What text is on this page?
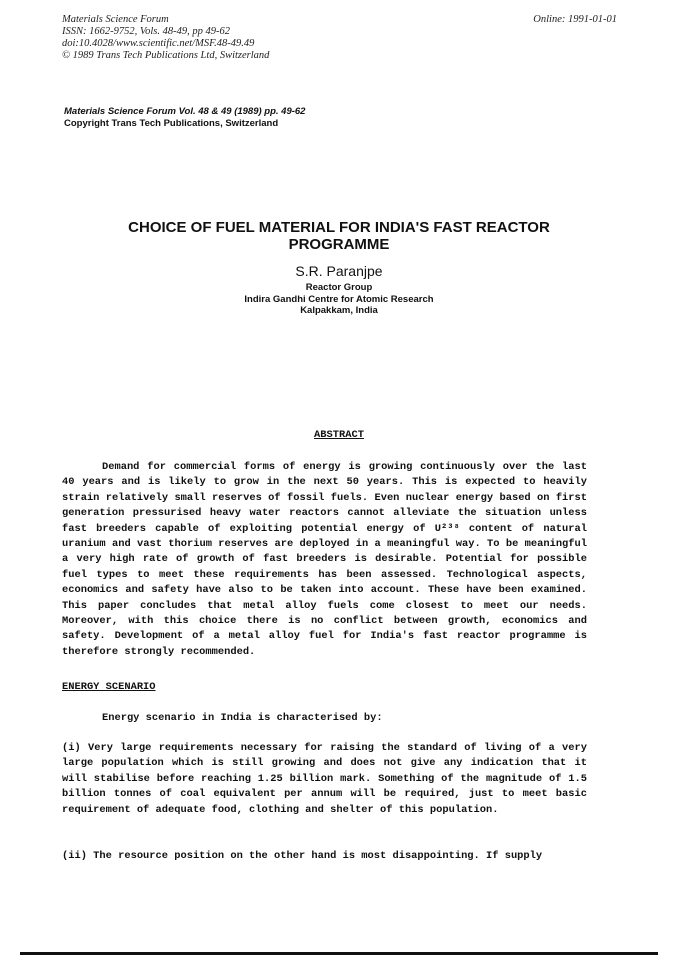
Materials Science Forum
ISSN: 1662-9752, Vols. 48-49, pp 49-62
doi:10.4028/www.scientific.net/MSF.48-49.49
© 1989 Trans Tech Publications Ltd, Switzerland
Online: 1991-01-01
Materials Science Forum Vol. 48 & 49 (1989) pp. 49-62
Copyright Trans Tech Publications, Switzerland
CHOICE OF FUEL MATERIAL FOR INDIA'S FAST REACTOR
PROGRAMME
S.R. Paranjpe
Reactor Group
Indira Gandhi Centre for Atomic Research
Kalpakkam, India
ABSTRACT
Demand for commercial forms of energy is growing continuously over the last 40 years and is likely to grow in the next 50 years. This is expected to heavily strain relatively small reserves of fossil fuels. Even nuclear energy based on first generation pressurised heavy water reactors cannot alleviate the situation unless fast breeders capable of exploiting potential energy of U²³⁸ content of natural uranium and vast thorium reserves are deployed in a meaningful way. To be meaningful a very high rate of growth of fast breeders is desirable. Potential for possible fuel types to meet these requirements has been assessed. Technological aspects, economics and safety have also to be taken into account. These have been examined. This paper concludes that metal alloy fuels come closest to meet our needs. Moreover, with this choice there is no conflict between growth, economics and safety. Development of a metal alloy fuel for India's fast reactor programme is therefore strongly recommended.
ENERGY SCENARIO
Energy scenario in India is characterised by:
(i) Very large requirements necessary for raising the standard of living of a very large population which is still growing and does not give any indication that it will stabilise before reaching 1.25 billion mark. Something of the magnitude of 1.5 billion tonnes of coal equivalent per annum will be required, just to meet basic requirement of adequate food, clothing and shelter of this population.
(ii) The resource position on the other hand is most disappointing. If supply
